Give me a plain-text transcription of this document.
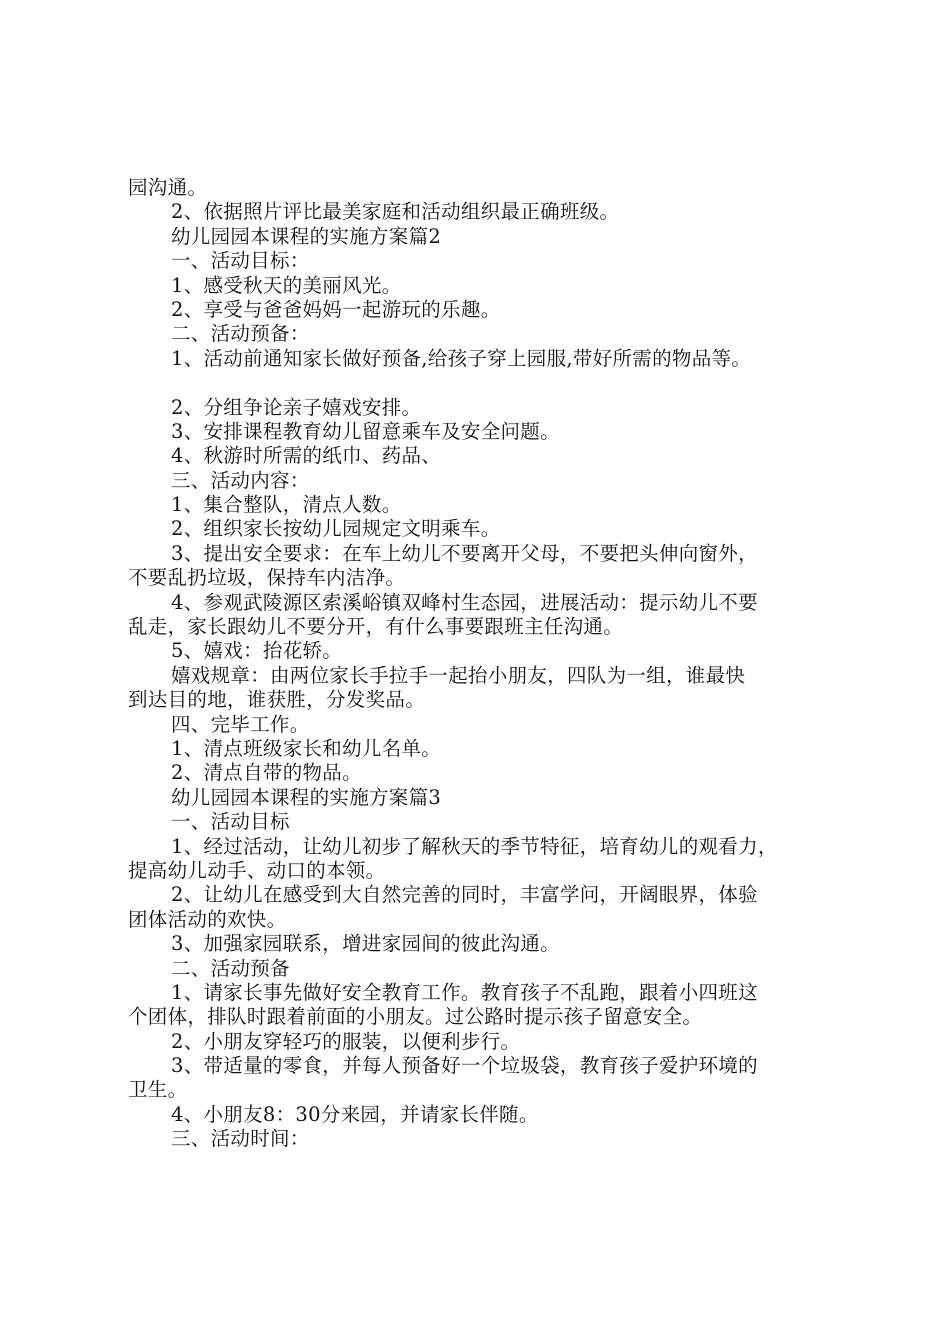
园沟通。
2、依据照片评比最美家庭和活动组织最正确班级。
幼儿园园本课程的实施方案篇2
一、活动目标：
1、感受秋天的美丽风光。
2、享受与爸爸妈妈一起游玩的乐趣。
二、活动预备：
1、活动前通知家长做好预备,给孩子穿上园服,带好所需的物品等。
2、分组争论亲子嬉戏安排。
3、安排课程教育幼儿留意乘车及安全问题。
4、秋游时所需的纸巾、药品、
三、活动内容：
1、集合整队，清点人数。
2、组织家长按幼儿园规定文明乘车。
3、提出安全要求：在车上幼儿不要离开父母，不要把头伸向窗外，
不要乱扔垃圾，保持车内洁净。
4、参观武陵源区索溪峪镇双峰村生态园，进展活动：提示幼儿不要
乱走，家长跟幼儿不要分开，有什么事要跟班主任沟通。
5、嬉戏：抬花轿。
嬉戏规章：由两位家长手拉手一起抬小朋友，四队为一组，谁最快
到达目的地，谁获胜，分发奖品。
四、完毕工作。
1、清点班级家长和幼儿名单。
2、清点自带的物品。
幼儿园园本课程的实施方案篇3
一、活动目标
1、经过活动，让幼儿初步了解秋天的季节特征，培育幼儿的观看力，
提高幼儿动手、动口的本领。
2、让幼儿在感受到大自然完善的同时，丰富学问，开阔眼界，体验
团体活动的欢快。
3、加强家园联系，增进家园间的彼此沟通。
二、活动预备
1、请家长事先做好安全教育工作。教育孩子不乱跑，跟着小四班这
个团体，排队时跟着前面的小朋友。过公路时提示孩子留意安全。
2、小朋友穿轻巧的服装，以便利步行。
3、带适量的零食，并每人预备好一个垃圾袋，教育孩子爱护环境的
卫生。
4、小朋友8：30分来园，并请家长伴随。
三、活动时间：
